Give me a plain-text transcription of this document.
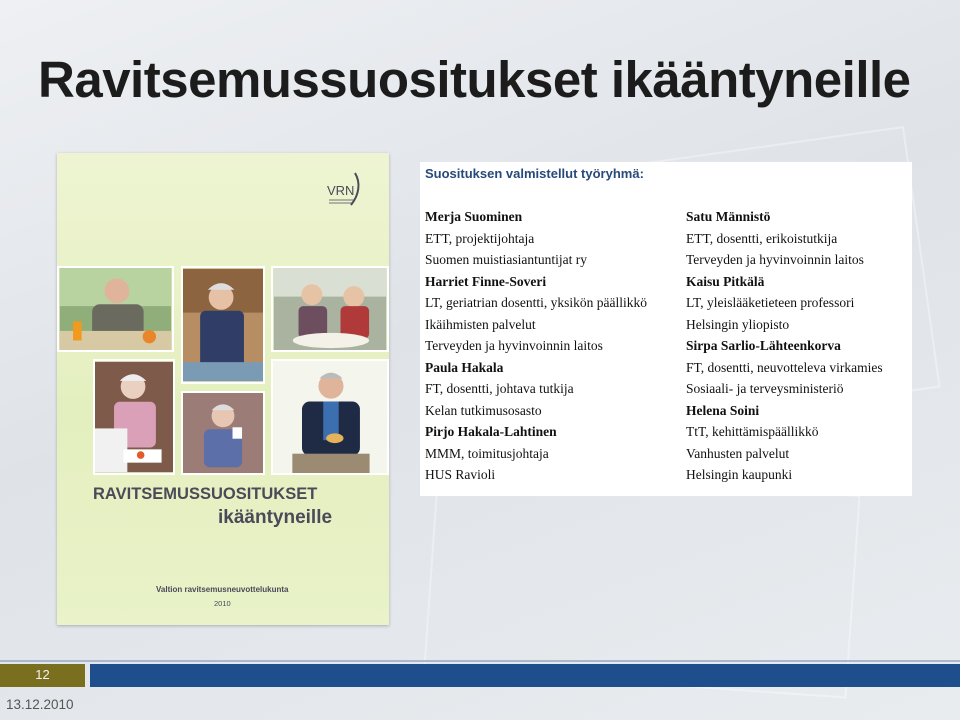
Ravitsemussuositukset ikääntyneille
VRN
RAVITSEMUSSUOSITUKSET
ikääntyneille
Valtion ravitsemusneuvottelukunta
2010
Suosituksen valmistellut työryhmä:
Merja Suominen
ETT, projektijohtaja
Suomen muistiasiantuntijat ry
Harriet Finne-Soveri
LT, geriatrian dosentti, yksikön päällikkö
Ikäihmisten palvelut
Terveyden ja hyvinvoinnin laitos
Paula Hakala
FT, dosentti, johtava tutkija
Kelan tutkimusosasto
Pirjo Hakala-Lahtinen
MMM, toimitusjohtaja
HUS Ravioli
Satu Männistö
ETT, dosentti, erikoistutkija
Terveyden ja hyvinvoinnin laitos
Kaisu Pitkälä
LT, yleislääketieteen professori
Helsingin yliopisto
Sirpa Sarlio-Lähteenkorva
FT, dosentti, neuvotteleva virkamies
Sosiaali- ja terveysministeriö
Helena Soini
TtT, kehittämispäällikkö
Vanhusten palvelut
Helsingin kaupunki
12
13.12.2010
